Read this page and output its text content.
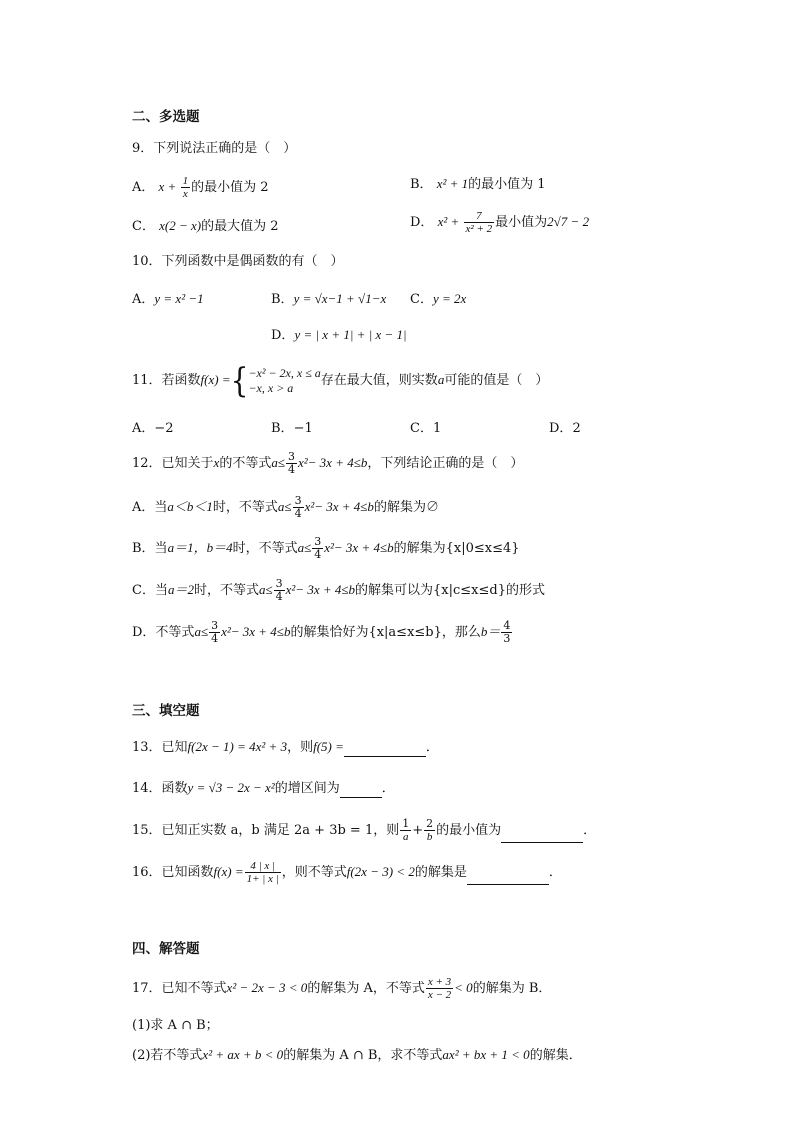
二、多选题
9．下列说法正确的是（　）
A． $x + \frac{1}{x}$ 的最小值为 2	B． x² + 1的最小值为 1
C． x(2 − x)的最大值为 2	D． $x^2 + \frac{7}{\text{x² + 2}}$ 最小值为2√7 − 2
10．下列函数中是偶函数的有（　）
A．y = x² −1	B．y = √x−1 + √1−x C．y = 2x
D．y = | x + 1| + | x − 1|
11．若函数f(x) ={ −x² − 2x, x ≤ a
−x, x > a	存在最大值，则实数a可能的值是（　）
A．−2	B．−1	C．1	D．2
12．已知关于x的不等式$a\le \frac{3}{4} x^2- 3x + 4\le b$，下列结论正确的是（　）
A．当a＜b＜1时，不等式$a\le \frac{3}{4} x^2- 3x + 4\le b$的解集为∅
B．当a＝1，b＝4时，不等式$a\le \frac{3}{4} x^2- 3x + 4\le b$的解集为{x|0≤x≤4}
C．当a＝2时，不等式$a\le \frac{3}{4} x^2- 3x + 4\le b$的解集可以为{x|c≤x≤d}的形式
D．不等式$a\le \frac{3}{4} x^2- 3x + 4\le b$的解集恰好为{x|a≤x≤b}，那么$b= \frac{4}{3}$
三、填空题
13．已知f(2x − 1) = 4x² + 3，则f(5) =	．
14．函数y = √3 − 2x − x²的增区间为	．
15．已知正实数 a，b 满足 2a + 3b = 1，则 $\frac{1}{a} + \frac{2}{b}$ 的最小值为	．
16．已知函数$f(x) = \frac{4 | x |}{1+ | x |}$ ，则不等式f(2x − 3) < 2的解集是	．
四、解答题
17．已知不等式x² − 2x − 3 < 0的解集为 A，不等式 $\frac{x + 3}{x - 2} < 0$的解集为 B．
(1)求 A ∩ B；
(2)若不等式x² + ax + b < 0的解集为 A ∩ B，求不等式ax² + bx + 1 < 0的解集．
